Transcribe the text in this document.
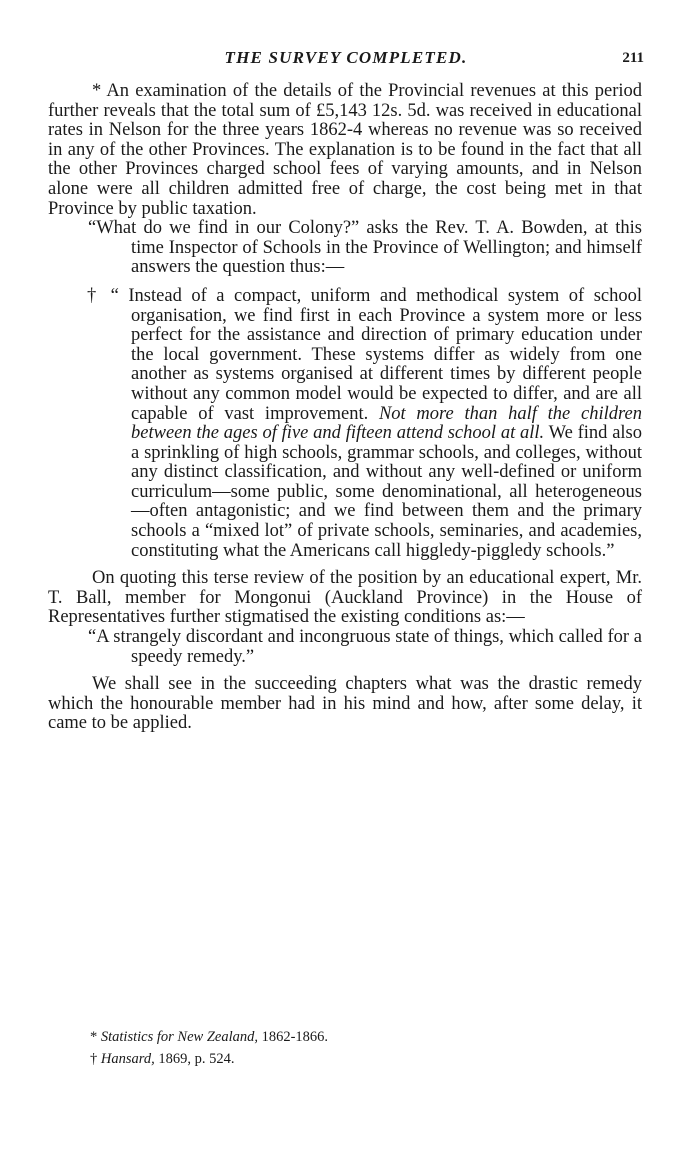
THE SURVEY COMPLETED.	211

* An examination of the details of the Provincial revenues at this period further reveals that the total sum of £5,143 12s. 5d. was received in educational rates in Nelson for the three years 1862-4 whereas no revenue was so received in any of the other Provinces. The explanation is to be found in the fact that all the other Provinces charged school fees of varying amounts, and in Nelson alone were all children admitted free of charge, the cost being met in that Province by public taxation.

“What do we find in our Colony?” asks the Rev. T. A. Bowden, at this time Inspector of Schools in the Province of Wellington; and himself answers the question thus:—

† “ Instead of a compact, uniform and methodical system of school organisation, we find first in each Province a system more or less perfect for the assistance and direction of primary education under the local government. These systems differ as widely from one another as systems organised at different times by different people without any common model would be expected to differ, and are all capable of vast improvement. Not more than half the children between the ages of five and fifteen attend school at all. We find also a sprinkling of high schools, grammar schools, and colleges, without any distinct classification, and without any well-defined or uniform curriculum—some public, some denominational, all heterogeneous—often antagonistic; and we find between them and the primary schools a “mixed lot” of private schools, seminaries, and academies, constituting what the Americans call higgledy-piggledy schools.”

On quoting this terse review of the position by an educational expert, Mr. T. Ball, member for Mongonui (Auckland Province) in the House of Representatives further stigmatised the existing conditions as:—

“A strangely discordant and incongruous state of things, which called for a speedy remedy.”

We shall see in the succeeding chapters what was the drastic remedy which the honourable member had in his mind and how, after some delay, it came to be applied.

* Statistics for New Zealand, 1862-1866.

† Hansard, 1869, p. 524.
